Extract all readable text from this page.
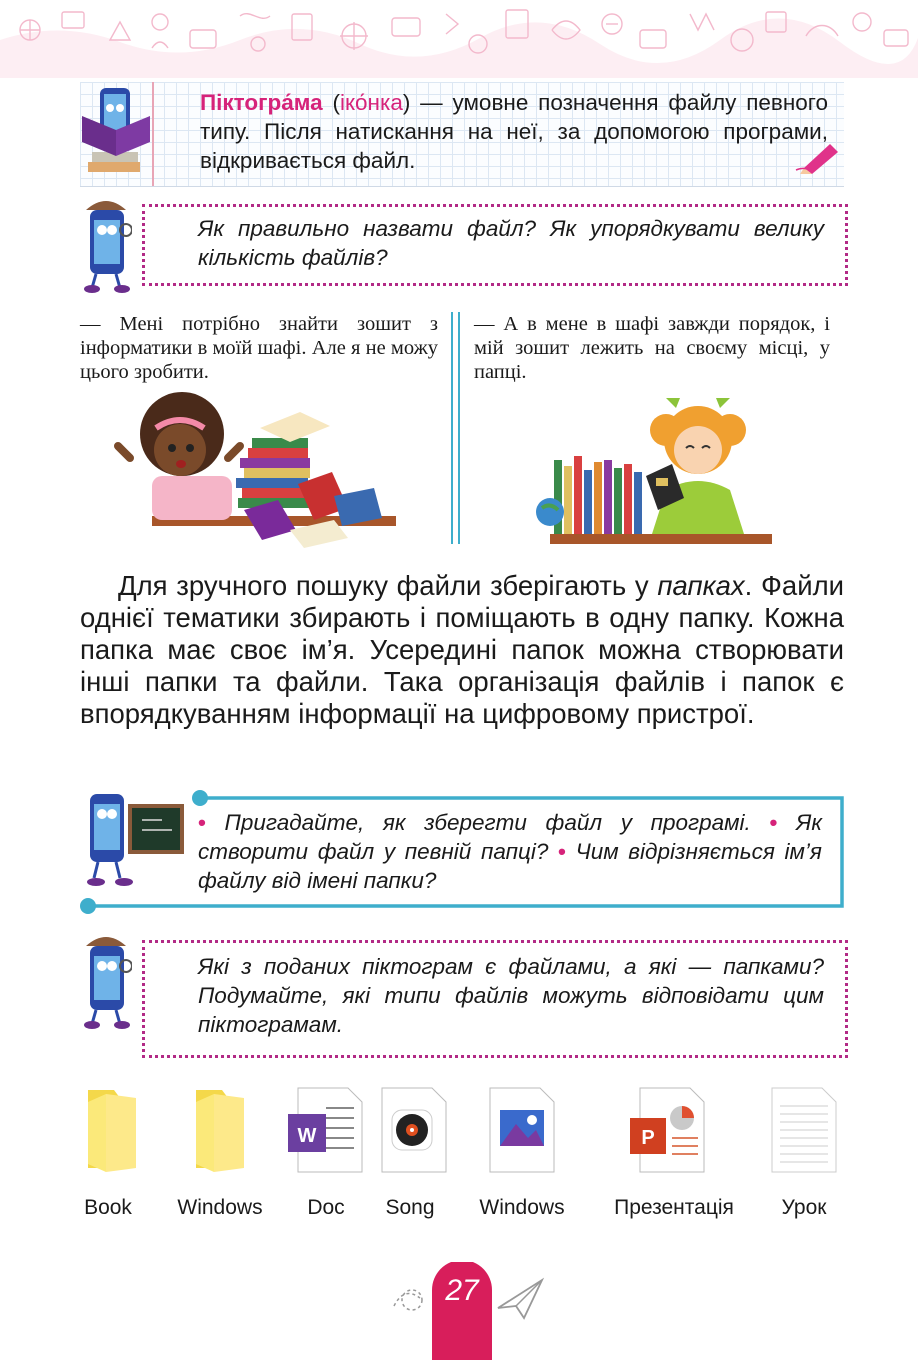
Піктогра́ма (іко́нка) — умовне позначення файлу певного типу. Після натискання на неї, за допомогою програми, відкривається файл.
Як правильно назвати файл? Як упорядкувати велику кількість файлів?
— Мені потрібно знайти зошит з інформатики в моїй шафі. Але я не можу цього зробити.
— А в мене в шафі завжди порядок, і мій зошит лежить на своєму місці, у папці.
Для зручного пошуку файли зберігають у папках. Файли однієї тематики збирають і поміщають в одну папку. Кожна папка має своє ім’я. Усередині папок можна створювати інші папки та файли. Така організація файлів і папок є впорядкуванням інформації на цифровому пристрої.
• Пригадайте, як зберегти файл у програмі. • Як створити файл у певній папці? • Чим відрізняється ім’я файлу від імені папки?
Які з поданих піктограм є файлами, а які — папками? Подумайте, які типи файлів можуть відповідати цим піктограмам.
W	P
Book	Windows	Doc	Song	Windows	Презентація	Урок
27
